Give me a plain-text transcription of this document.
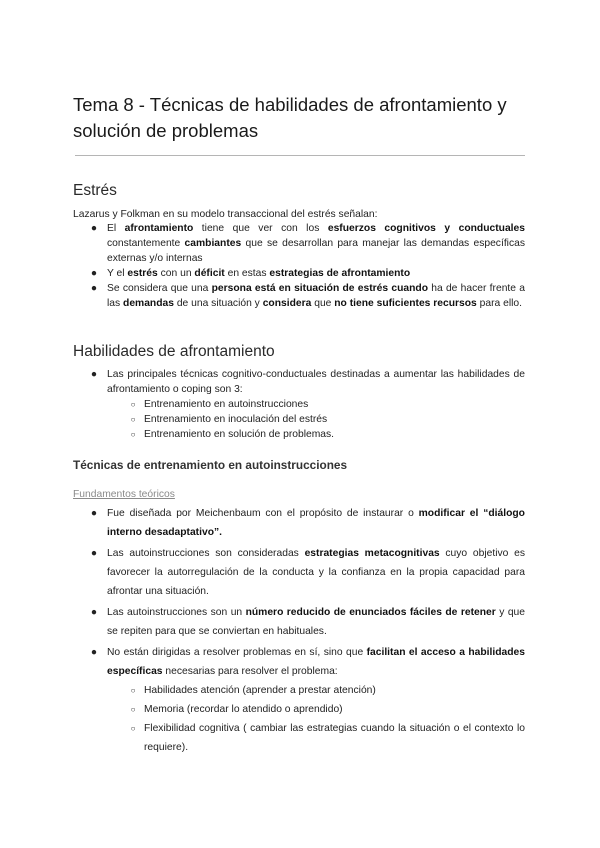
Tema 8 - Técnicas de habilidades de afrontamiento y solución de problemas
Estrés

Lazarus y Folkman en su modelo transaccional del estrés señalan:

● El afrontamiento tiene que ver con los esfuerzos cognitivos y conductuales constantemente cambiantes que se desarrollan para manejar las demandas específicas externas y/o internas
● Y el estrés con un déficit en estas estrategias de afrontamiento
● Se considera que una persona está en situación de estrés cuando ha de hacer frente a las demandas de una situación y considera que no tiene suficientes recursos para ello.
Habilidades de afrontamiento
● Las principales técnicas cognitivo-conductuales destinadas a aumentar las habilidades de afrontamiento o coping son 3:
○ Entrenamiento en autoinstrucciones
○ Entrenamiento en inoculación del estrés
○ Entrenamiento en solución de problemas.
Técnicas de entrenamiento en autoinstrucciones

Fundamentos teóricos

● Fue diseñada por Meichenbaum con el propósito de instaurar o modificar el “diálogo interno desadaptativo”.
● Las autoinstrucciones son consideradas estrategias metacognitivas cuyo objetivo es favorecer la autorregulación de la conducta y la confianza en la propia capacidad para afrontar una situación.
● Las autoinstrucciones son un número reducido de enunciados fáciles de retener y que se repiten para que se conviertan en habituales.
● No están dirigidas a resolver problemas en sí, sino que facilitan el acceso a habilidades específicas necesarias para resolver el problema:
○ Habilidades atención (aprender a prestar atención)
○ Memoria (recordar lo atendido o aprendido)
○ Flexibilidad cognitiva ( cambiar las estrategias cuando la situación o el contexto lo requiere).
